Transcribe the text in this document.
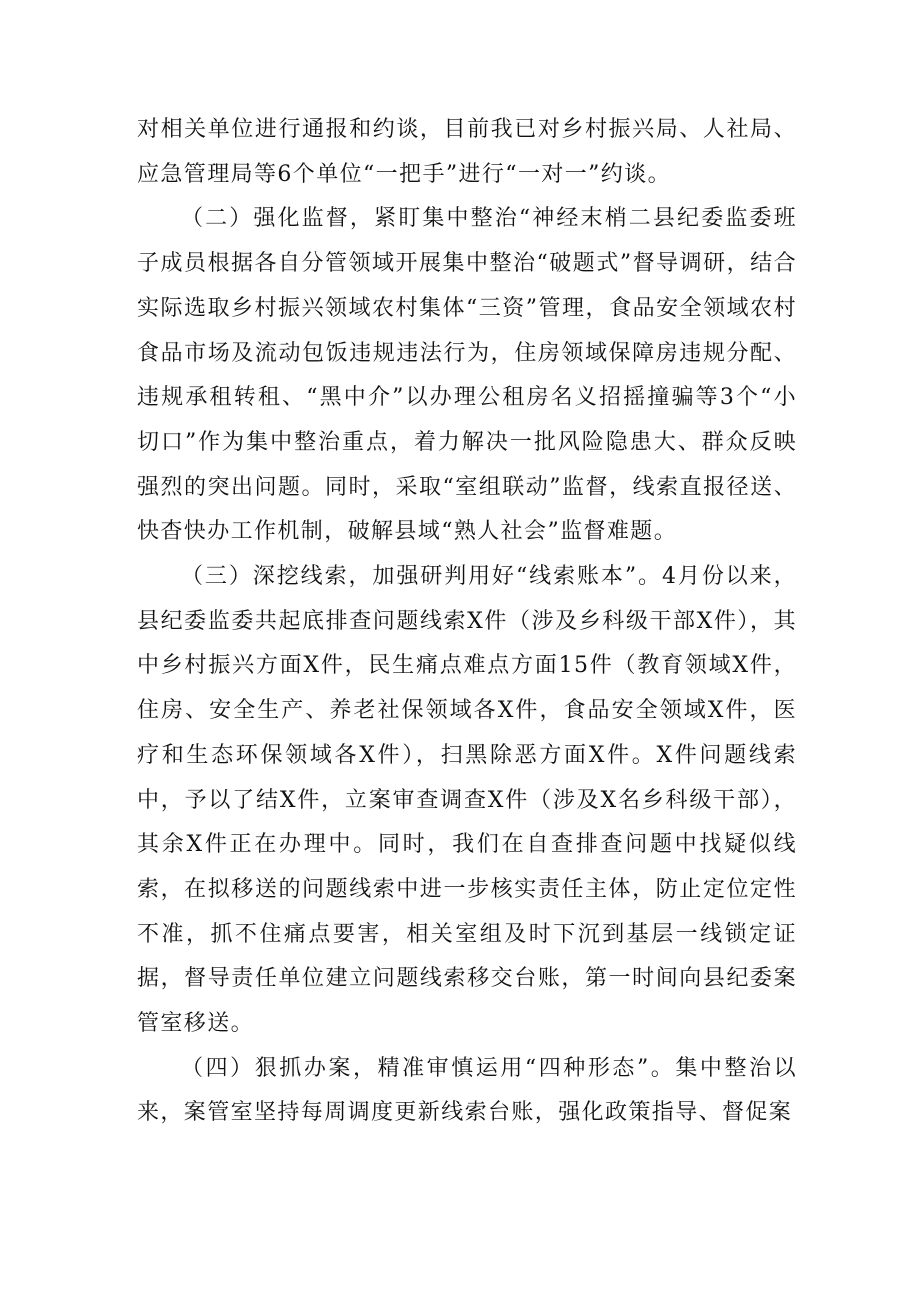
对相关单位进行通报和约谈，目前我已对乡村振兴局、人社局、应急管理局等6个单位“一把手”进行“一对一”约谈。

（二）强化监督，紧盯集中整治“神经末梢二县纪委监委班子成员根据各自分管领域开展集中整治“破题式”督导调研，结合实际选取乡村振兴领域农村集体“三资”管理，食品安全领域农村食品市场及流动包饭违规违法行为，住房领域保障房违规分配、违规承租转租、“黑中介”以办理公租房名义招摇撞骗等3个“小切口”作为集中整治重点，着力解决一批风险隐患大、群众反映强烈的突出问题。同时，采取“室组联动”监督，线索直报径送、快杳快办工作机制，破解县域“熟人社会”监督难题。

（三）深挖线索，加强研判用好“线索账本”。4月份以来，县纪委监委共起底排查问题线索X件（涉及乡科级干部X件），其中乡村振兴方面X件，民生痛点难点方面15件（教育领域X件，住房、安全生产、养老社保领域各X件，食品安全领域X件，医疗和生态环保领域各X件），扫黑除恶方面X件。X件问题线索中，予以了结X件，立案审查调查X件（涉及X名乡科级干部），其余X件正在办理中。同时，我们在自查排查问题中找疑似线索，在拟移送的问题线索中进一步核实责任主体，防止定位定性不准，抓不住痛点要害，相关室组及时下沉到基层一线锁定证据，督导责任单位建立问题线索移交台账，第一时间向县纪委案管室移送。

（四）狠抓办案，精准审慎运用“四种形态”。集中整治以来，案管室坚持每周调度更新线索台账，强化政策指导、督促案
